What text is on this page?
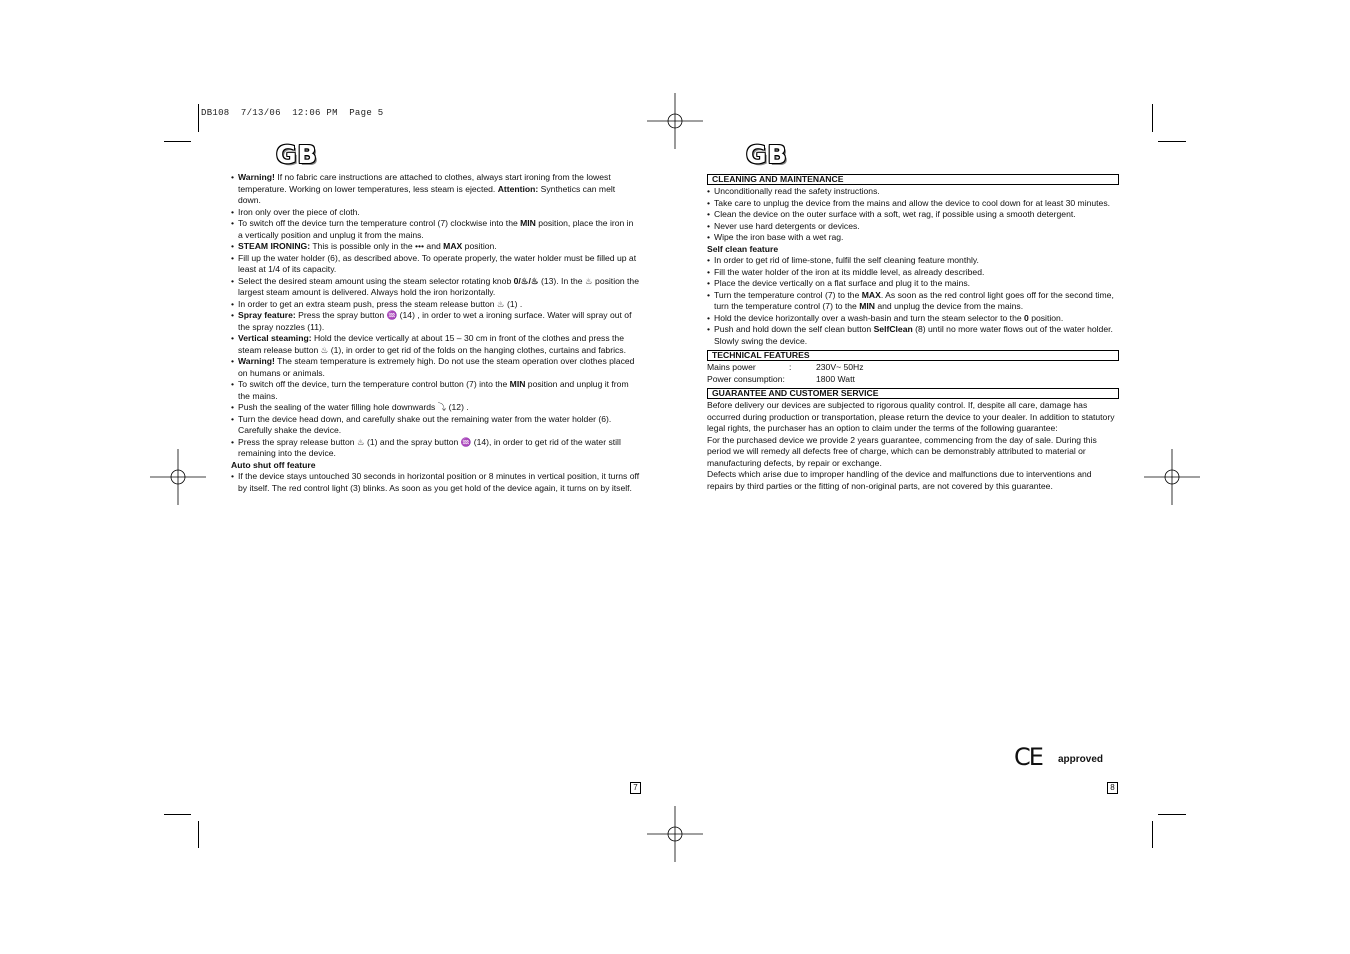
DB108  7/13/06  12:06 PM  Page 5
GB

• Warning! If no fabric care instructions are attached to clothes, always start ironing from the lowest temperature. Working on lower temperatures, less steam is ejected. Attention: Synthetics can melt down.

• Iron only over the piece of cloth.

• To switch off the device turn the temperature control (7) clockwise into the MIN position, place the iron in a vertically position and unplug it from the mains.

• STEAM IRONING: This is possible only in the ••• and MAX position.

• Fill up the water holder (6), as described above. To operate properly, the water holder must be filled up at least at 1/4 of its capacity.

• Select the desired steam amount using the steam selector rotating knob 0/♨/♨ (13). In the ♨ position the largest steam amount is delivered. Always hold the iron horizontally.

• In order to get an extra steam push, press the steam release button ♨ (1) .

• Spray feature: Press the spray button ♒ (14) , in order to wet a ironing surface. Water will spray out of the spray nozzles (11).

• Vertical steaming: Hold the device vertically at about 15 – 30 cm in front of the clothes and press the steam release button ♨ (1), in order to get rid of the folds on the hanging clothes, curtains and fabrics.

• Warning! The steam temperature is extremely high. Do not use the steam operation over clothes placed on humans or animals.

• To switch off the device, turn the temperature control button (7) into the MIN position and unplug it from the mains.

• Push the sealing of the water filling hole downwards ⤵ (12) .

• Turn the device head down, and carefully shake out the remaining water from the water holder (6). Carefully shake the device.

• Press the spray release button ♨ (1) and the spray button ♒ (14), in order to get rid of the water still remaining into the device.

Auto shut off feature

• If the device stays untouched 30 seconds in horizontal position or 8 minutes in vertical position, it turns off by itself. The red control light (3) blinks. As soon as you get hold of the device again, it turns on by itself.

7
GB
CLEANING AND MAINTENANCE

• Unconditionally read the safety instructions.

• Take care to unplug the device from the mains and allow the device to cool down for at least 30 minutes.

• Clean the device on the outer surface with a soft, wet rag, if possible using a smooth detergent.

• Never use hard detergents or devices.

• Wipe the iron base with a wet rag.

Self clean feature

• In order to get rid of lime-stone, fulfil the self cleaning feature monthly.

• Fill the water holder of the iron at its middle level, as already described.

• Place the device vertically on a flat surface and plug it to the mains.

• Turn the temperature control (7) to the MAX. As soon as the red control light goes off for the second time, turn the temperature control (7) to the MIN and unplug the device from the mains.

• Hold the device horizontally over a wash-basin and turn the steam selector to the 0 position.

• Push and hold down the self clean button SelfClean (8) until no more water flows out of the water holder. Slowly swing the device.

TECHNICAL FEATURES
Mains power	:	230V~ 50Hz
Power consumption:	1800 Watt
GUARANTEE AND CUSTOMER SERVICE

Before delivery our devices are subjected to rigorous quality control. If, despite all care, damage has occurred during production or transportation, please return the device to your dealer. In addition to statutory legal rights, the purchaser has an option to claim under the terms of the following guarantee:

For the purchased device we provide 2 years guarantee, commencing from the day of sale. During this period we will remedy all defects free of charge, which can be demonstrably attributed to material or manufacturing defects, by repair or exchange.

Defects which arise due to improper handling of the device and malfunctions due to interventions and repairs by third parties or the fitting of non-original parts, are not covered by this guarantee.

CE approved
8
